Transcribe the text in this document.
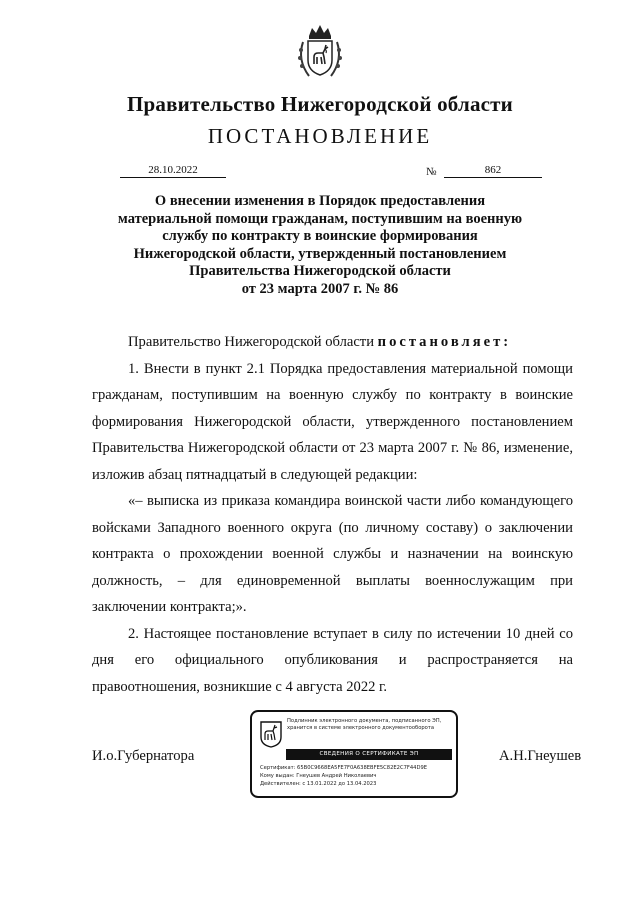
Правительство Нижегородской области
ПОСТАНОВЛЕНИЕ
28.10.2022	№	862
О внесении изменения в Порядок предоставления
материальной помощи гражданам, поступившим на военную
службу по контракту в воинские формирования
Нижегородской области, утвержденный постановлением
Правительства Нижегородской области
от 23 марта 2007 г. № 86

Правительство Нижегородской области постановляет:

1. Внести в пункт 2.1 Порядка предоставления материальной помощи гражданам, поступившим на военную службу по контракту в воинские формирования Нижегородской области, утвержденного постановлением Правительства Нижегородской области от 23 марта 2007 г. № 86, изменение, изложив абзац пятнадцатый в следующей редакции:

«– выписка из приказа командира воинской части либо командующего войсками Западного военного округа (по личному составу) о заключении контракта о прохождении военной службы и назначении на воинскую должность, – для единовременной выплаты военнослужащим при заключении контракта;».

2. Настоящее постановление вступает в силу по истечении 10 дней со дня его официального опубликования и распространяется на правоотношения, возникшие с 4 августа 2022 г.

И.о.Губернатора	А.Н.Гнеушев
Подлинник электронного документа, подписанного ЭП,
хранится в системе электронного документооборота
СВЕДЕНИЯ О СЕРТИФИКАТЕ ЭП
Сертификат: 65B0C9668EA5FE7F0A638EBFE5C82E2C7F44D9E
Кому выдан: Гнеушев Андрей Николаевич
Действителен: с 13.01.2022 до 13.04.2023
